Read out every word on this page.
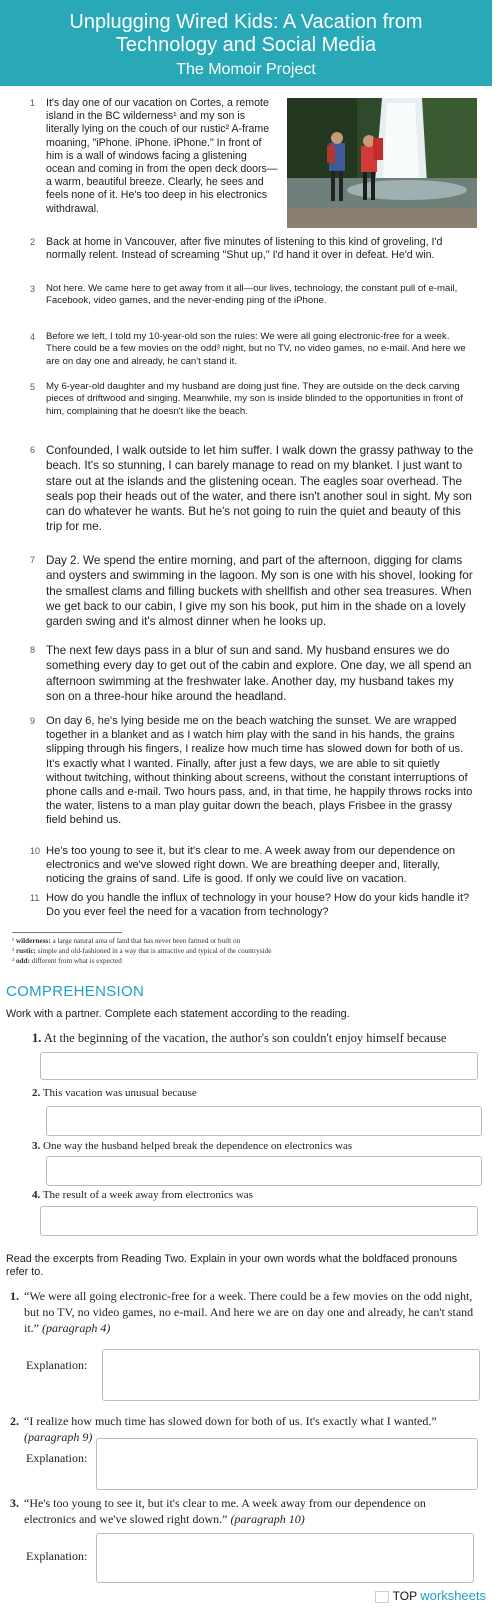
Unplugging Wired Kids: A Vacation from
Technology and Social Media
The Momoir Project
1 It's day one of our vacation on Cortes, a remote island in the BC wilderness¹ and my son is literally lying on the couch of our rustic² A-frame moaning, "iPhone. iPhone. iPhone." In front of him is a wall of windows facing a glistening ocean and coming in from the open deck doors—a warm, beautiful breeze. Clearly, he sees and feels none of it. He's too deep in his electronics withdrawal.
2 Back at home in Vancouver, after five minutes of listening to this kind of groveling, I'd normally relent. Instead of screaming "Shut up," I'd hand it over in defeat. He'd win.
3 Not here. We came here to get away from it all—our lives, technology, the constant pull of e-mail, Facebook, video games, and the never-ending ping of the iPhone.
4 Before we left, I told my 10-year-old son the rules: We were all going electronic-free for a week. There could be a few movies on the odd³ night, but no TV, no video games, no e-mail. And here we are on day one and already, he can't stand it.
5 My 6-year-old daughter and my husband are doing just fine. They are outside on the deck carving pieces of driftwood and singing. Meanwhile, my son is inside blinded to the opportunities in front of him, complaining that he doesn't like the beach.
6 Confounded, I walk outside to let him suffer. I walk down the grassy pathway to the beach. It's so stunning, I can barely manage to read on my blanket. I just want to stare out at the islands and the glistening ocean. The eagles soar overhead. The seals pop their heads out of the water, and there isn't another soul in sight. My son can do whatever he wants. But he's not going to ruin the quiet and beauty of this trip for me.
7 Day 2. We spend the entire morning, and part of the afternoon, digging for clams and oysters and swimming in the lagoon. My son is one with his shovel, looking for the smallest clams and filling buckets with shellfish and other sea treasures. When we get back to our cabin, I give my son his book, put him in the shade on a lovely garden swing and it's almost dinner when he looks up.
8 The next few days pass in a blur of sun and sand. My husband ensures we do something every day to get out of the cabin and explore. One day, we all spend an afternoon swimming at the freshwater lake. Another day, my husband takes my son on a three-hour hike around the headland.
9 On day 6, he's lying beside me on the beach watching the sunset. We are wrapped together in a blanket and as I watch him play with the sand in his hands, the grains slipping through his fingers, I realize how much time has slowed down for both of us. It's exactly what I wanted. Finally, after just a few days, we are able to sit quietly without twitching, without thinking about screens, without the constant interruptions of phone calls and e-mail. Two hours pass, and, in that time, he happily throws rocks into the water, listens to a man play guitar down the beach, plays Frisbee in the grassy field behind us.
10 He's too young to see it, but it's clear to me. A week away from our dependence on electronics and we've slowed right down. We are breathing deeper and, literally, noticing the grains of sand. Life is good. If only we could live on vacation.
11 How do you handle the influx of technology in your house? How do your kids handle it? Do you ever feel the need for a vacation from technology?
¹ wilderness: a large natural area of land that has never been farmed or built on
² rustic: simple and old-fashioned in a way that is attractive and typical of the countryside
³ odd: different from what is expected
COMPREHENSION
Work with a partner. Complete each statement according to the reading.
1. At the beginning of the vacation, the author's son couldn't enjoy himself because
2. This vacation was unusual because
3. One way the husband helped break the dependence on electronics was
4. The result of a week away from electronics was
Read the excerpts from Reading Two. Explain in your own words what the boldfaced pronouns refer to.
1. “We were all going electronic-free for a week. There could be a few movies on the odd night, but no TV, no video games, no e-mail. And here we are on day one and already, he can't stand it.” (paragraph 4)
Explanation:
2. “I realize how much time has slowed down for both of us. It's exactly what I wanted.” (paragraph 9)
Explanation:
3. “He's too young to see it, but it's clear to me. A week away from our dependence on electronics and we've slowed right down.” (paragraph 10)
Explanation:
TOP worksheets
